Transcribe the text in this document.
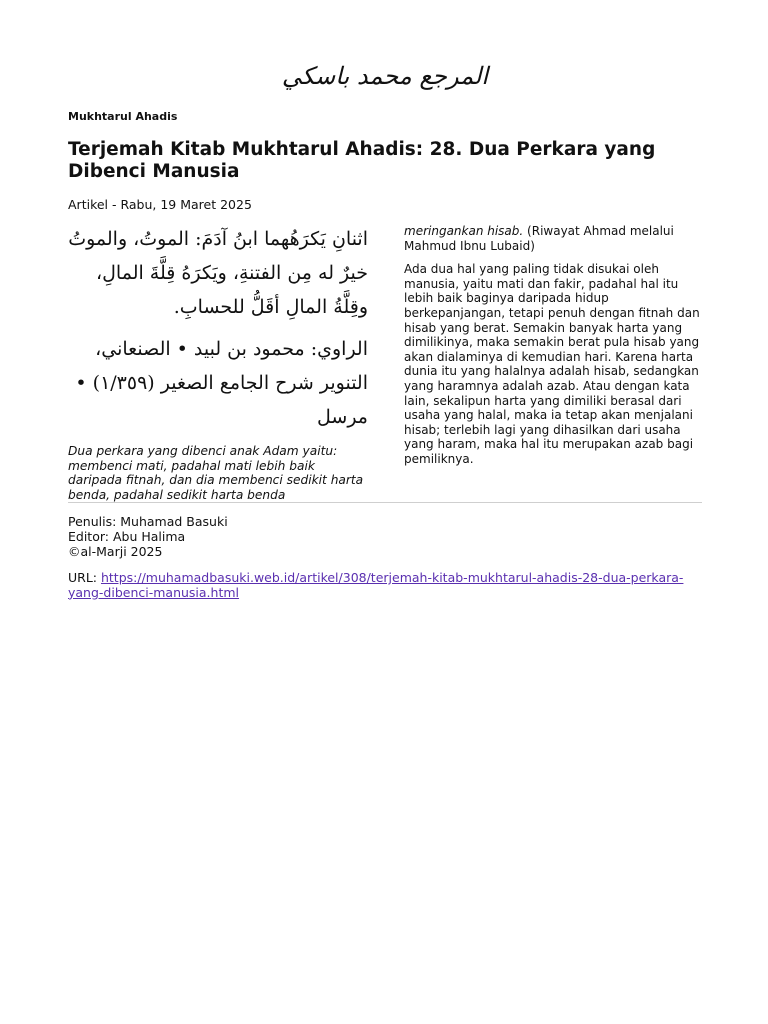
المرجع محمد باسكي
Mukhtarul Ahadis
Terjemah Kitab Mukhtarul Ahadis: 28. Dua Perkara yang Dibenci Manusia
Artikel - Rabu, 19 Maret 2025

اثنانِ يَكرَهُهما ابنُ آدَمَ: الموتُ، والموتُ خيرٌ له مِن الفتنةِ، ويَكرَهُ قِلَّةَ المالِ، وقِلَّةُ المالِ أقَلُّ للحسابِ.

الراوي: محمود بن لبيد • الصنعاني، التنوير شرح الجامع الصغير (١/٣٥٩) • مرسل

Dua perkara yang dibenci anak Adam yaitu: membenci mati, padahal mati lebih baik daripada fitnah, dan dia membenci sedikit harta benda, padahal sedikit harta benda

meringankan hisab. (Riwayat Ahmad melalui Mahmud Ibnu Lubaid)

Ada dua hal yang paling tidak disukai oleh manusia, yaitu mati dan fakir, padahal hal itu lebih baik baginya daripada hidup berkepanjangan, tetapi penuh dengan fitnah dan hisab yang berat. Semakin banyak harta yang dimilikinya, maka semakin berat pula hisab yang akan dialaminya di kemudian hari. Karena harta dunia itu yang halalnya adalah hisab, sedangkan yang haramnya adalah azab. Atau dengan kata lain, sekalipun harta yang dimiliki berasal dari usaha yang halal, maka ia tetap akan menjalani hisab; terlebih lagi yang dihasilkan dari usaha yang haram, maka hal itu merupakan azab bagi pemiliknya.

Penulis: Muhamad Basuki
Editor: Abu Halima
©al-Marji 2025
URL: https://muhamadbasuki.web.id/artikel/308/terjemah-kitab-mukhtarul-ahadis-28-dua-perkara-yang-dibenci-manusia.html
